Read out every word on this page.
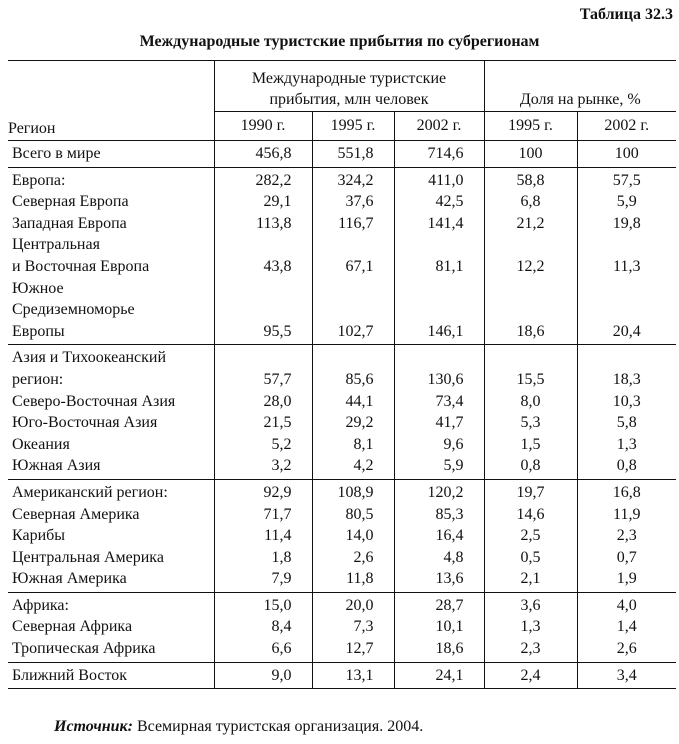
Таблица 32.3
Международные туристские прибытия по субрегионам
Регион	Международные туристские прибытия, млн человек			Доля на рынке, %	
	1990 г.	1995 г.	2002 г.	1995 г.	2002 г.
Всего в мире	456,8	551,8	714,6	100	100
Европа:	282,2	324,2	411,0	58,8	57,5
Северная Европа	29,1	37,6	42,5	6,8	5,9
Западная Европа	113,8	116,7	141,4	21,2	19,8
Центральная
и Восточная Европа	43,8	67,1	81,1	12,2	11,3
Южное
Средиземноморье
Европы	95,5	102,7	146,1	18,6	20,4
Азия и Тихоокеанский
регион:	57,7	85,6	130,6	15,5	18,3
Северо-Восточная Азия	28,0	44,1	73,4	8,0	10,3
Юго-Восточная Азия	21,5	29,2	41,7	5,3	5,8
Океания	5,2	8,1	9,6	1,5	1,3
Южная Азия	3,2	4,2	5,9	0,8	0,8
Американский регион:	92,9	108,9	120,2	19,7	16,8
Северная Америка	71,7	80,5	85,3	14,6	11,9
Карибы	11,4	14,0	16,4	2,5	2,3
Центральная Америка	1,8	2,6	4,8	0,5	0,7
Южная Америка	7,9	11,8	13,6	2,1	1,9
Африка:	15,0	20,0	28,7	3,6	4,0
Северная Африка	8,4	7,3	10,1	1,3	1,4
Тропическая Африка	6,6	12,7	18,6	2,3	2,6
Ближний Восток	9,0	13,1	24,1	2,4	3,4
Источник: Всемирная туристская организация. 2004.
